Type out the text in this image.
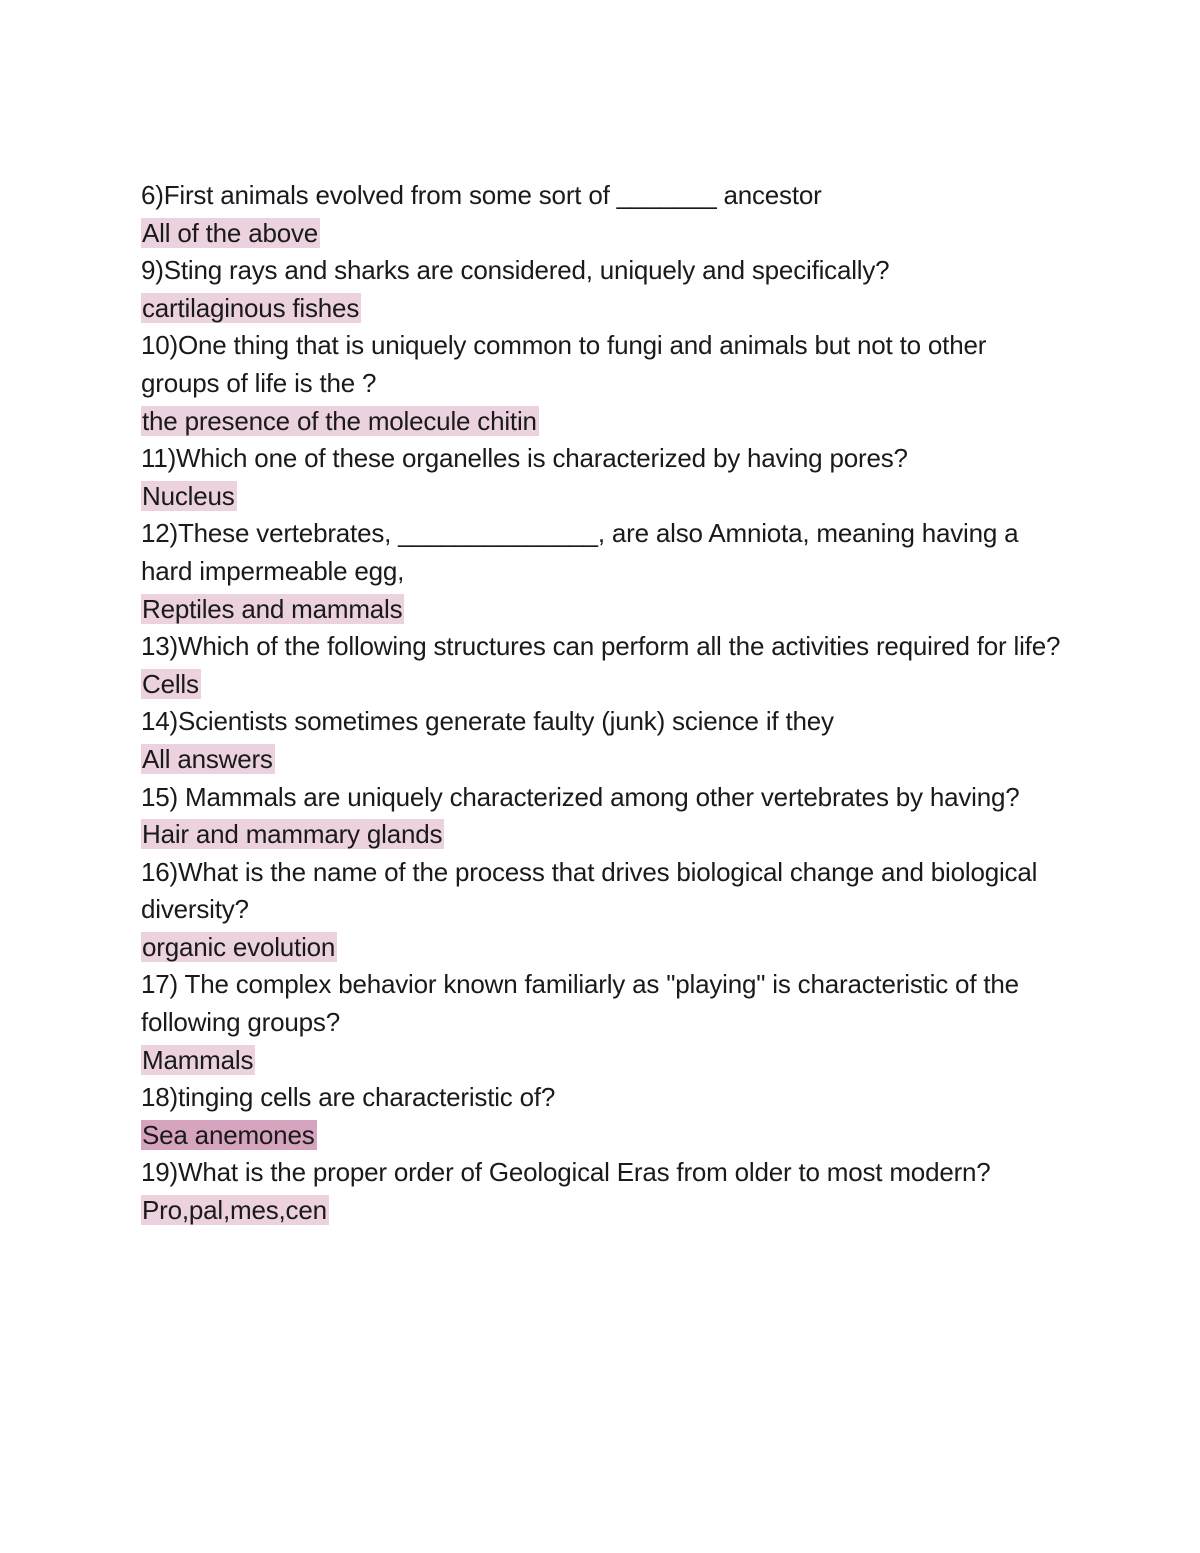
6)First animals evolved from some sort of _______ ancestor

All of the above

9)Sting rays and sharks are considered, uniquely and specifically?

cartilaginous fishes

10)One thing that is uniquely common to fungi and animals but not to other groups of life is the ?

the presence of the molecule chitin

11)Which one of these organelles is characterized by having pores?

Nucleus

12)These vertebrates, ______________, are also Amniota, meaning having a hard impermeable egg,

Reptiles and mammals

13)Which of the following structures can perform all the activities required for life?

Cells

14)Scientists sometimes generate faulty (junk) science if they

All answers

15) Mammals are uniquely characterized among other vertebrates by having?

Hair and mammary glands

16)What is the name of the process that drives biological change and biological diversity?

organic evolution

17) The complex behavior known familiarly as "playing" is characteristic of the following groups?

Mammals

18)tinging cells are characteristic of?

Sea anemones

19)What is the proper order of Geological Eras from older to most modern?

Pro,pal,mes,cen
